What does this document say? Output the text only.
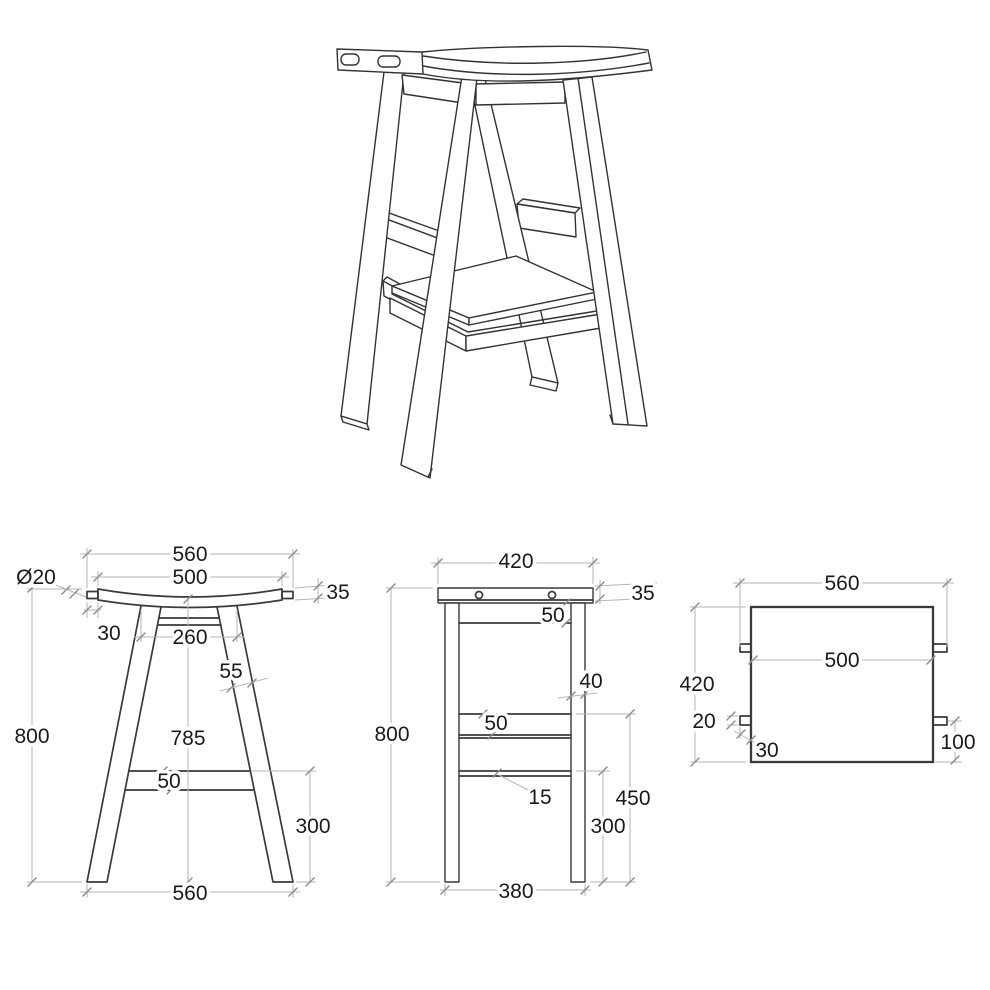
560
500
Ø20
35
30 260
55
800	785
50
300
560
420
35
50
40
800	50
15	450
300
380
560
500
420
20
30	100
